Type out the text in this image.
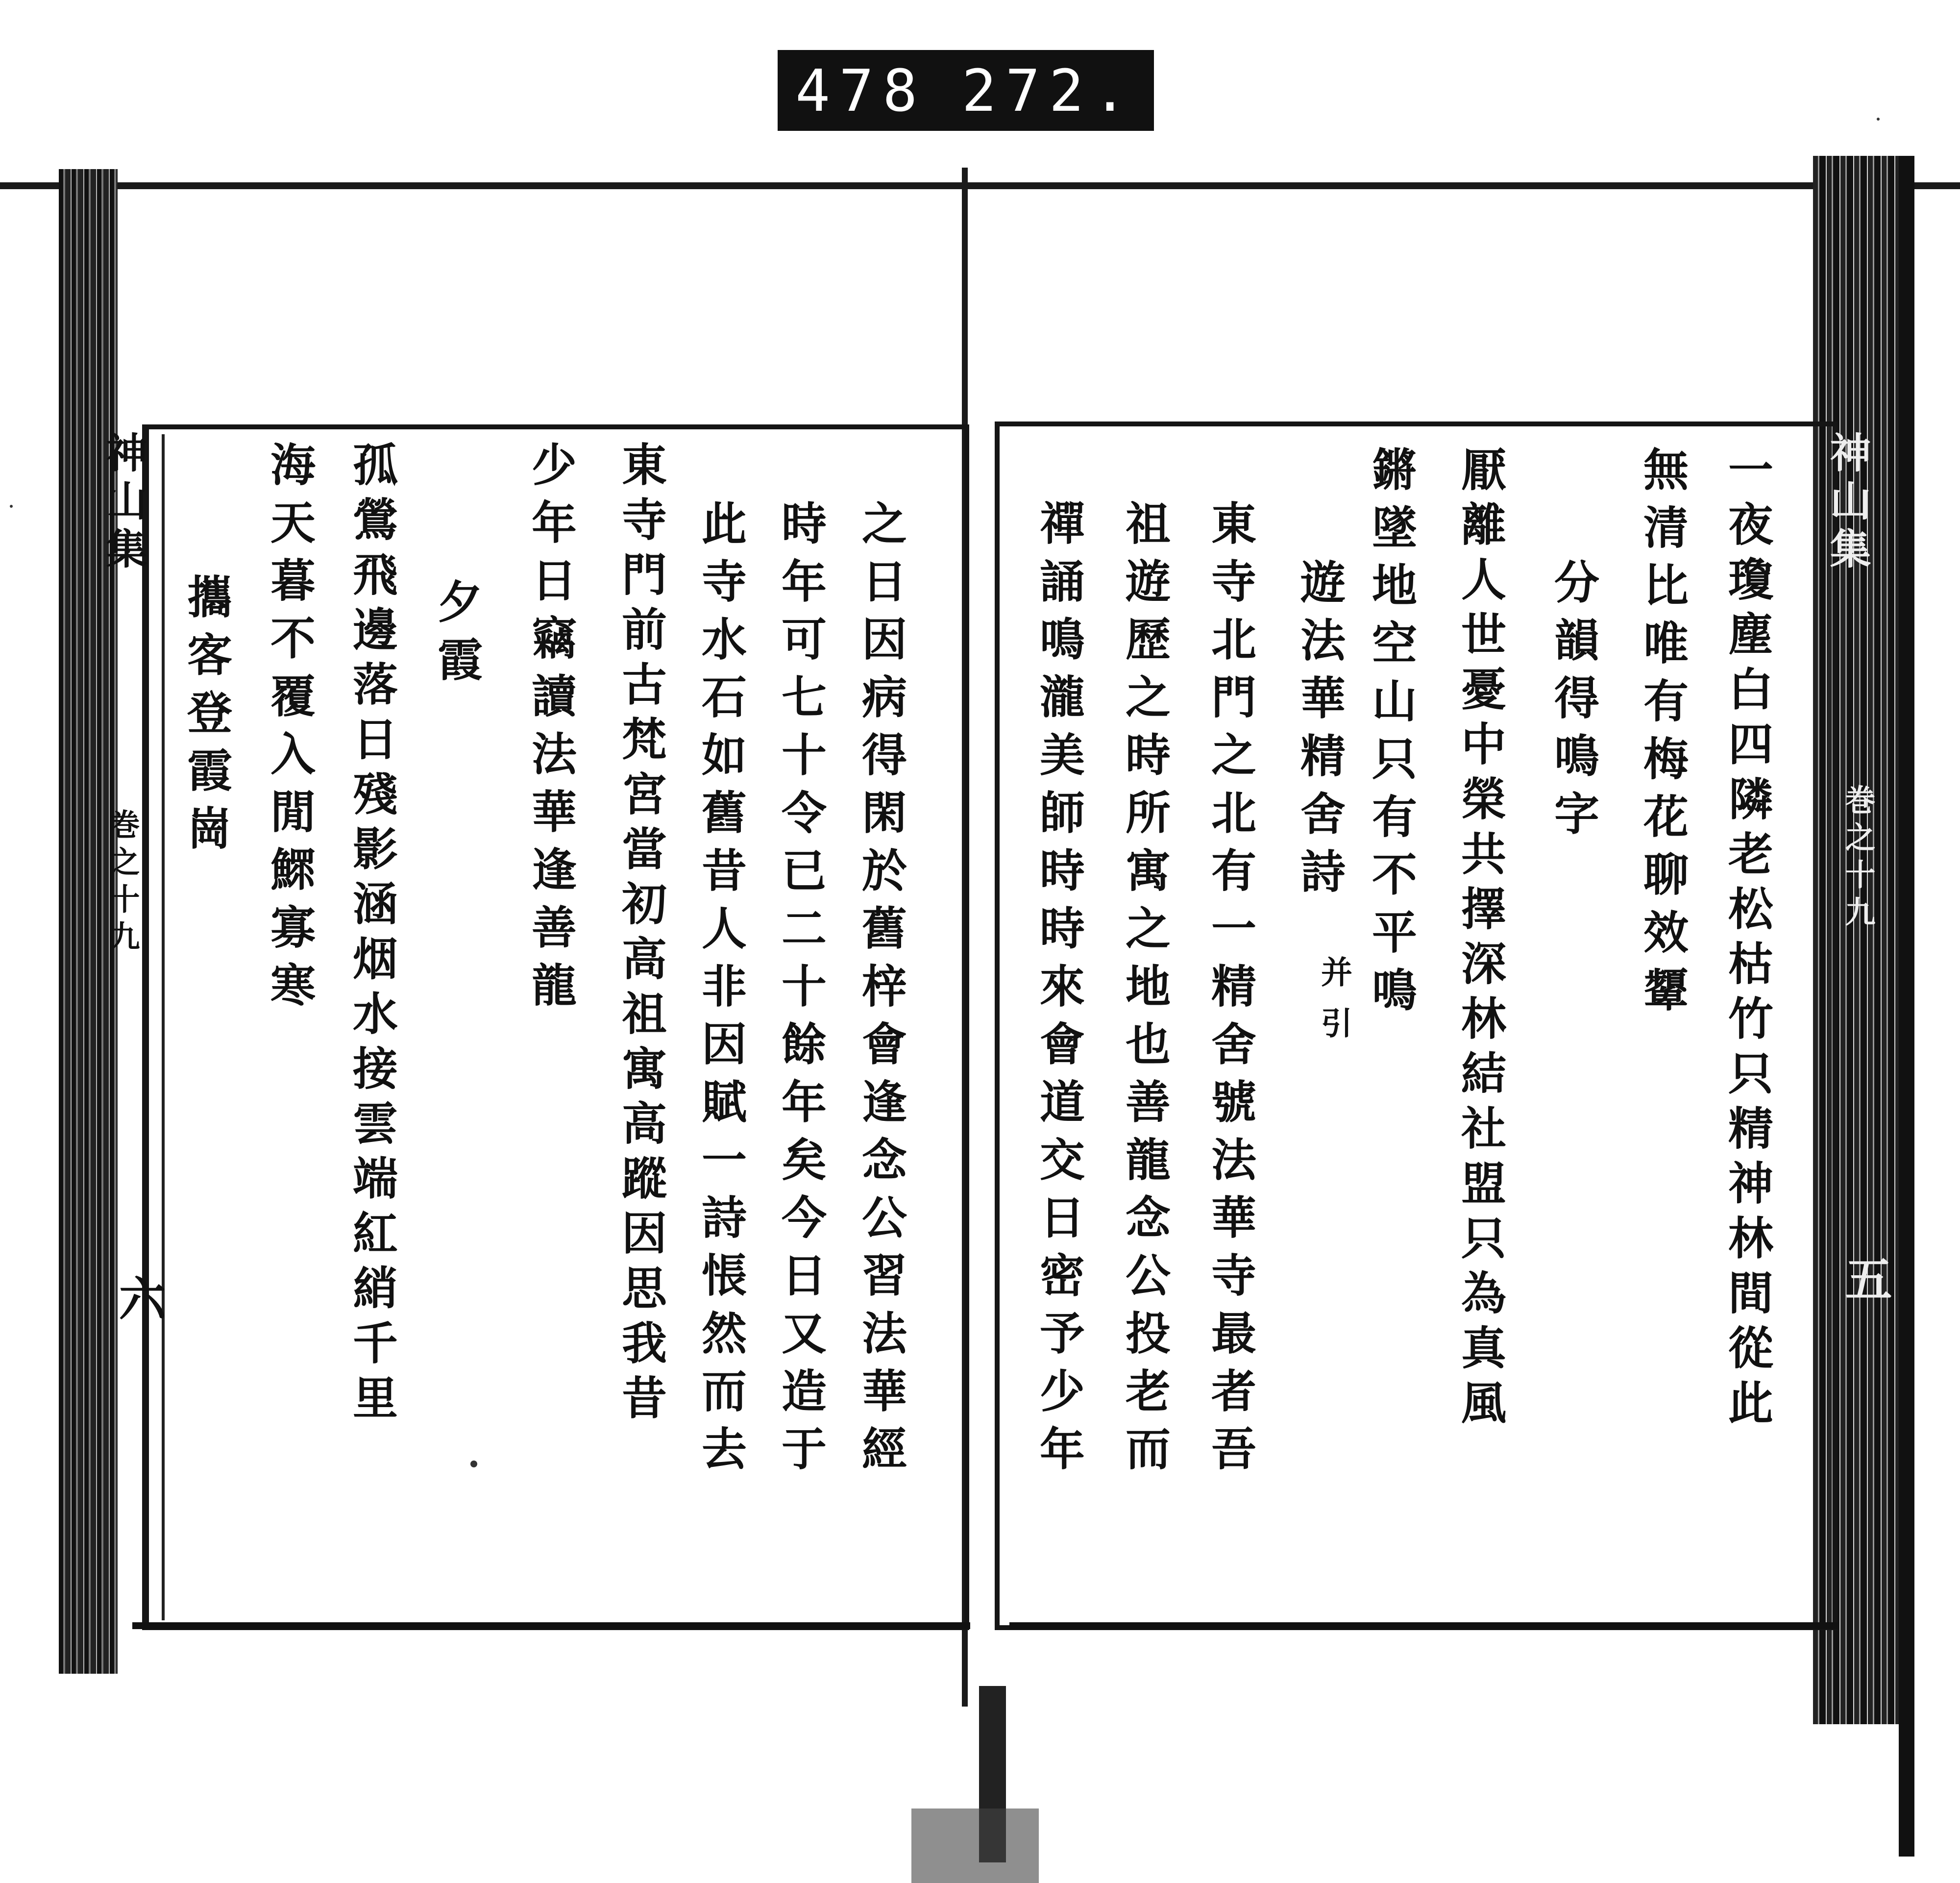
478 272.
神山集
巻之十九
六	之日因病得閑於舊梓會逢念公習法華經
時年可七十令已二十餘年矣今日又造于
此寺水石如舊昔人非因賦一詩悵然而去
東寺門前古梵宮當初高祖寓高蹤因思我昔
少年日竊讀法華逢善龍
夕霞
孤鶯飛邊落日殘影涵烟水接雲端紅綃千里
海天暮不覆入閒鰥寡寒
攜客登霞崗
神山集
巻之十九
五
一夜瓊塵白四隣老松枯竹只精神林間從此
無清比唯有梅花聊效顰
分韻得鳴字
厭離人世憂中榮共擇深林結社盟只為真風
鏘墜地空山只有不平鳴
遊法華精舍詩
并引
東寺北門之北有一精舍號法華寺最者吾
祖遊歷之時所寓之地也善龍念公投老而
禪誦鳴瀧美師時時來會道交日密予少年
